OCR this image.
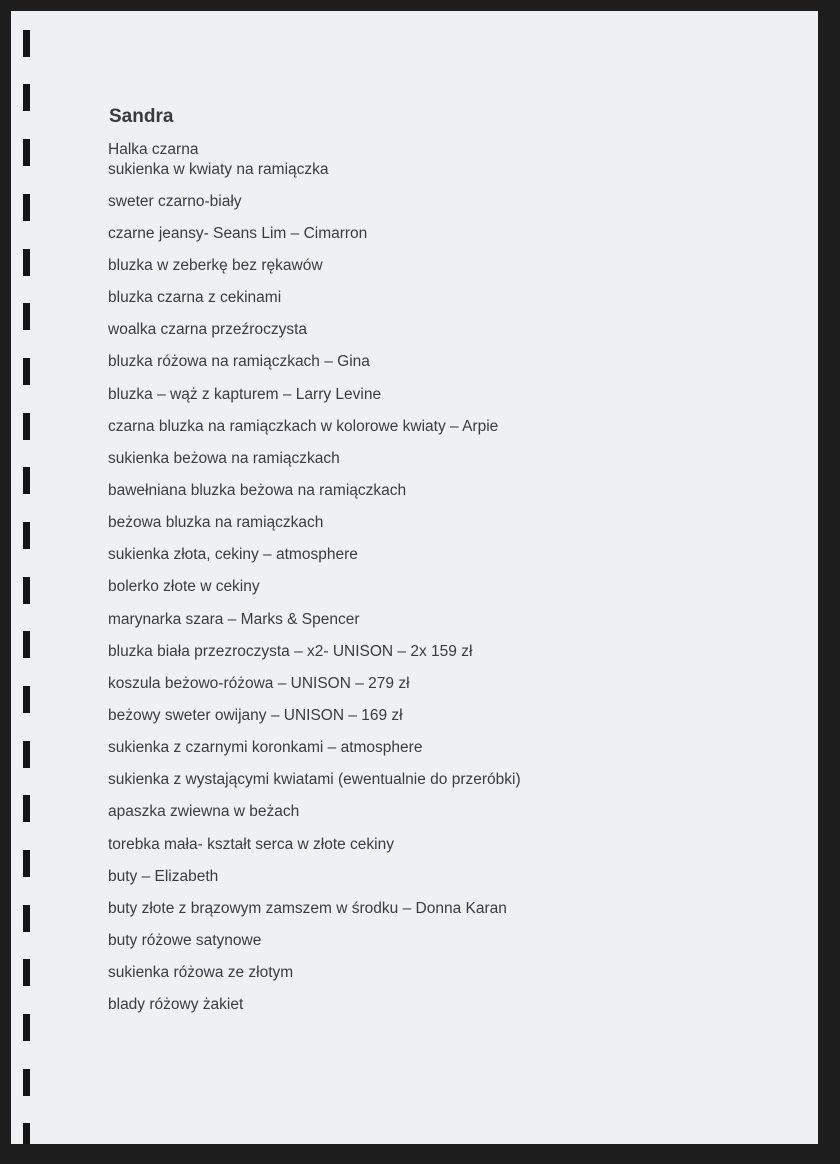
Sandra
Halka czarna
sukienka w kwiaty na ramiączka
sweter czarno-biały
czarne jeansy- Seans Lim – Cimarron
bluzka w zeberkę bez rękawów
bluzka czarna z cekinami
woalka czarna przeźroczysta
bluzka różowa na ramiączkach – Gina
bluzka – wąż z kapturem – Larry Levine
czarna bluzka na ramiączkach w kolorowe kwiaty – Arpie
sukienka beżowa na ramiączkach
bawełniana bluzka beżowa na ramiączkach
beżowa bluzka na ramiączkach
sukienka złota, cekiny – atmosphere
bolerko złote w cekiny
marynarka szara – Marks & Spencer
bluzka biała przezroczysta – x2- UNISON – 2x 159 zł
koszula beżowo-różowa – UNISON – 279 zł
beżowy sweter owijany – UNISON – 169 zł
sukienka z czarnymi koronkami – atmosphere
sukienka z wystającymi kwiatami (ewentualnie do przeróbki)
apaszka zwiewna w beżach
torebka mała- kształt serca w złote cekiny
buty – Elizabeth
buty złote z brązowym zamszem w środku – Donna Karan
buty różowe satynowe
sukienka różowa ze złotym
blady różowy żakiet
